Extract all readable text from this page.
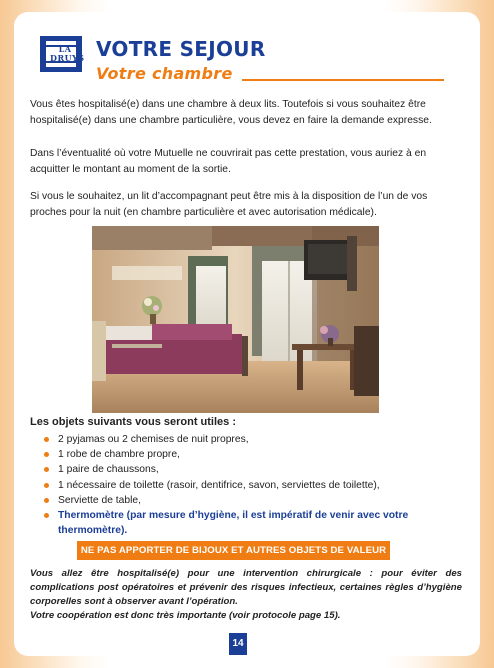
LA
DRUYS VOTRE SEJOUR
Votre chambre

Vous êtes hospitalisé(e) dans une chambre à deux lits. Toutefois si vous souhaitez être hospitalisé(e) dans une chambre particulière, vous devez en faire la demande expresse.

Dans l’éventualité où votre Mutuelle ne couvrirait pas cette prestation, vous auriez à en acquitter le montant au moment de la sortie.

Si vous le souhaitez, un lit d’accompagnant peut être mis à la disposition de l’un de vos proches pour la nuit (en chambre particulière et avec autorisation médicale).

Les objets suivants vous seront utiles :
2 pyjamas ou 2 chemises de nuit propres,
1 robe de chambre propre,
1 paire de chaussons,
1 nécessaire de toilette (rasoir, dentifrice, savon, serviettes de toilette),
Serviette de table,
Thermomètre (par mesure d’hygiène, il est impératif de venir avec votre thermomètre).
NE PAS APPORTER DE BIJOUX ET AUTRES OBJETS DE VALEUR

Vous allez être hospitalisé(e) pour une intervention chirurgicale : pour éviter des complications post opératoires et prévenir des risques infectieux, certaines règles d’hygiène corporelles sont à observer avant l’opération.
Votre coopération est donc très importante (voir protocole page 15).

14
